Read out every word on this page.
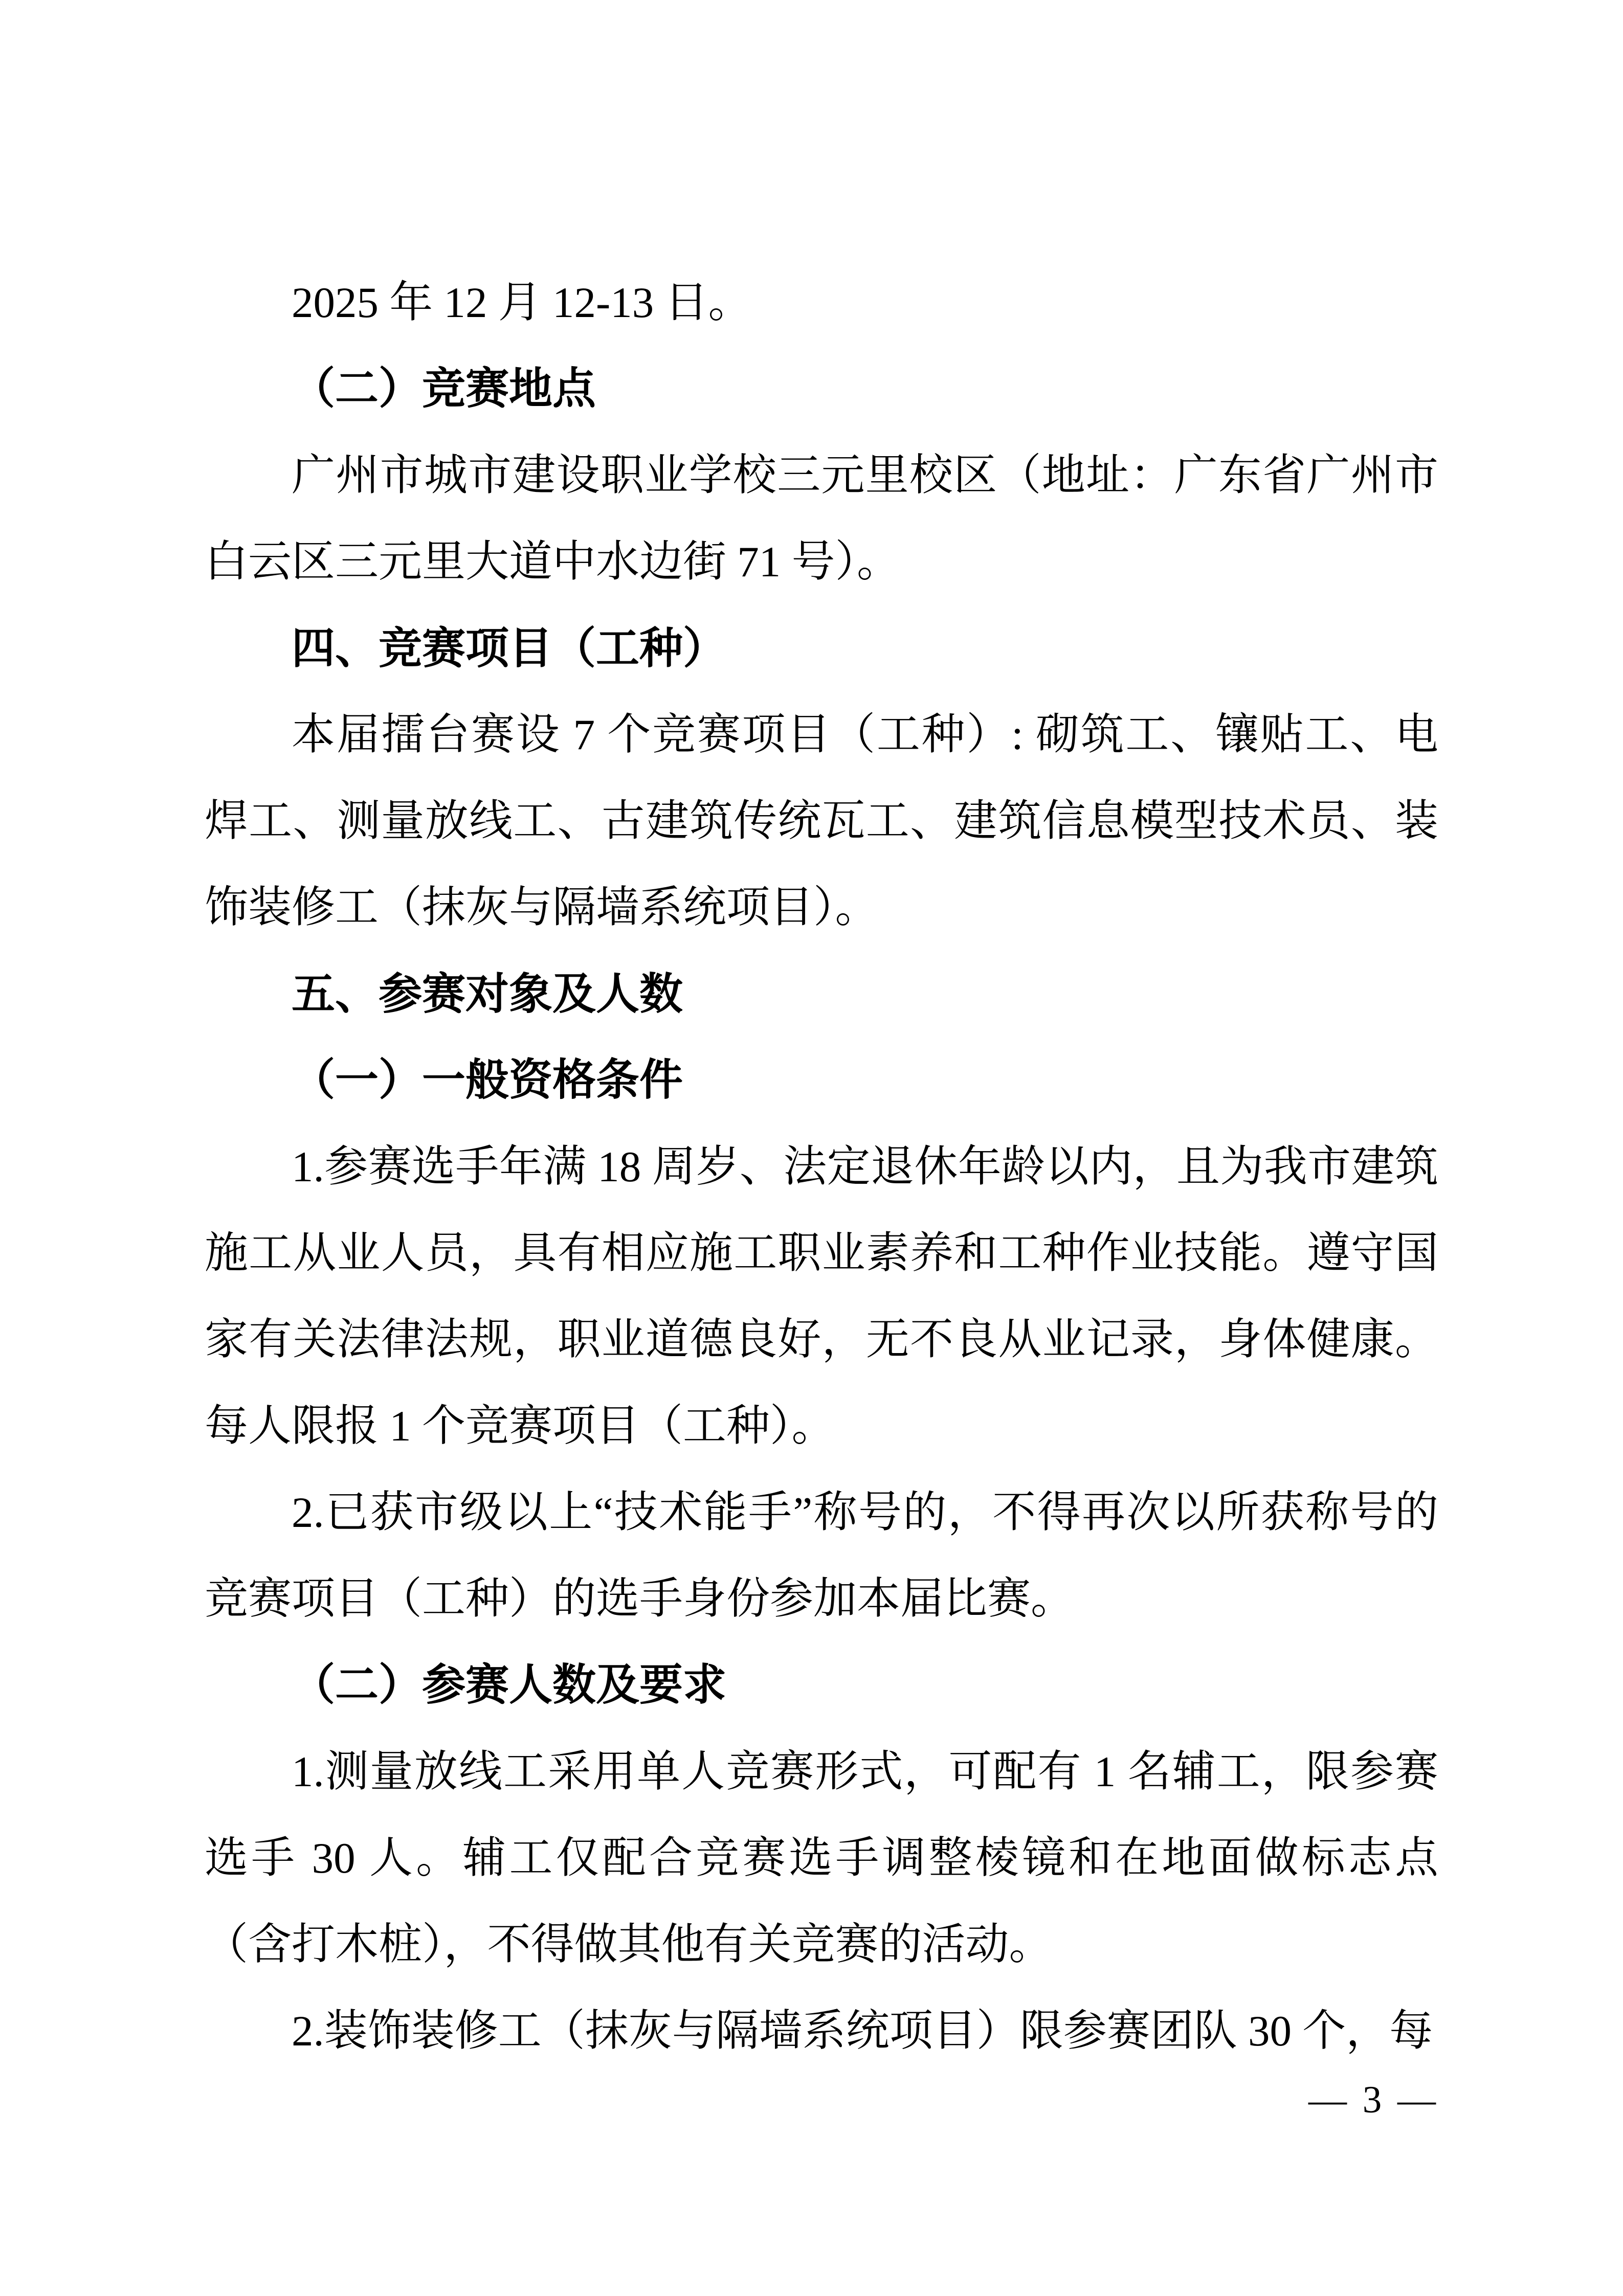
2025 年 12 月 12-13 日。

（二）竞赛地点

广州市城市建设职业学校三元里校区（地址：广东省广州市白云区三元里大道中水边街 71 号）。

四、竞赛项目（工种）

本届擂台赛设 7 个竞赛项目（工种）: 砌筑工、镶贴工、电焊工、测量放线工、古建筑传统瓦工、建筑信息模型技术员、装饰装修工（抹灰与隔墙系统项目）。

五、参赛对象及人数

（一）一般资格条件

1.参赛选手年满 18 周岁、法定退休年龄以内，且为我市建筑施工从业人员，具有相应施工职业素养和工种作业技能。遵守国家有关法律法规，职业道德良好，无不良从业记录，身体健康。每人限报 1 个竞赛项目（工种）。

2.已获市级以上“技术能手”称号的，不得再次以所获称号的竞赛项目（工种）的选手身份参加本届比赛。

（二）参赛人数及要求

1.测量放线工采用单人竞赛形式，可配有 1 名辅工，限参赛选手 30 人。辅工仅配合竞赛选手调整棱镜和在地面做标志点（含打木桩），不得做其他有关竞赛的活动。

2.装饰装修工（抹灰与隔墙系统项目）限参赛团队 30 个，每

— 3 —
